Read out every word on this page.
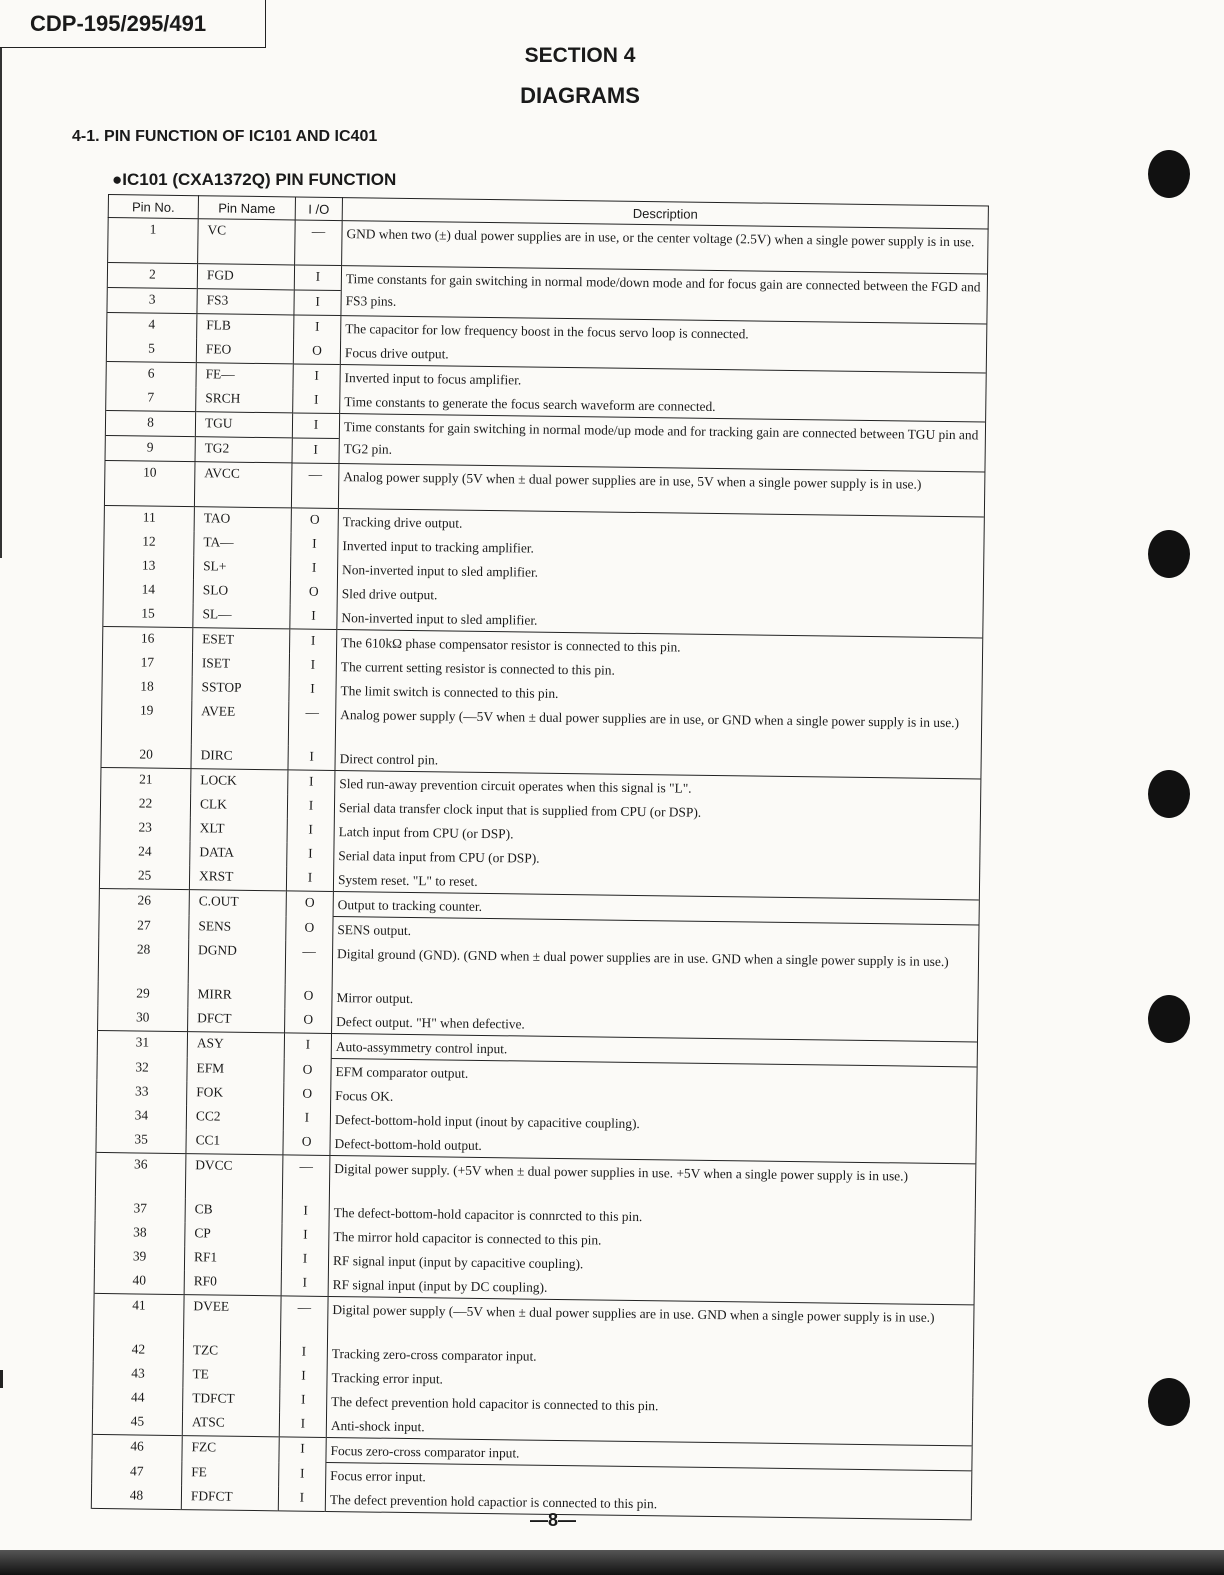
CDP-195/295/491
SECTION 4
DIAGRAMS
4-1. PIN FUNCTION OF IC101 AND IC401
●IC101 (CXA1372Q) PIN FUNCTION
Pin No.	Pin Name	I /O	Description
1	VC	—	GND when two (±) dual power supplies are in use, or the center voltage (2.5V) when a single power supply is in use.

2	FGD	I	Time constants for gain switching in normal mode/down mode and for focus gain are connected between the FGD and FS3 pins.

3	FS3	I	
4	FLB	I	The capacitor for low frequency boost in the focus servo loop is connected.

5	FEO	O	Focus drive output.

6	FE—	I	Inverted input to focus amplifier.

7	SRCH	I	Time constants to generate the focus search waveform are connected.

8	TGU	I	Time constants for gain switching in normal mode/up mode and for tracking gain are connected between TGU pin and TG2 pin.

9	TG2	I	
10	AVCC	—	Analog power supply (5V when ± dual power supplies are in use, 5V when a single power supply is in use.)

11	TAO	O	Tracking drive output.

12	TA—	I	Inverted input to tracking amplifier.

13	SL+	I	Non-inverted input to sled amplifier.

14	SLO	O	Sled drive output.

15	SL—	I	Non-inverted input to sled amplifier.

16	ESET	I	The 610kΩ phase compensator resistor is connected to this pin.

17	ISET	I	The current setting resistor is connected to this pin.

18	SSTOP	I	The limit switch is connected to this pin.

19	AVEE	—	Analog power supply (—5V when ± dual power supplies are in use, or GND when a single power supply is in use.)

20	DIRC	I	Direct control pin.

21	LOCK	I	Sled run-away prevention circuit operates when this signal is "L".

22	CLK	I	Serial data transfer clock input that is supplied from CPU (or DSP).

23	XLT	I	Latch input from CPU (or DSP).

24	DATA	I	Serial data input from CPU (or DSP).

25	XRST	I	System reset. "L" to reset.

26	C.OUT	O	Output to tracking counter.

27	SENS	O	SENS output.

28	DGND	—	Digital ground (GND). (GND when ± dual power supplies are in use. GND when a single power supply is in use.)

29	MIRR	O	Mirror output.

30	DFCT	O	Defect output. "H" when defective.

31	ASY	I	Auto-assymmetry control input.

32	EFM	O	EFM comparator output.

33	FOK	O	Focus OK.

34	CC2	I	Defect-bottom-hold input (inout by capacitive coupling).

35	CC1	O	Defect-bottom-hold output.

36	DVCC	—	Digital power supply. (+5V when ± dual power supplies in use. +5V when a single power supply is in use.)

37	CB	I	The defect-bottom-hold capacitor is connrcted to this pin.

38	CP	I	The mirror hold capacitor is connected to this pin.

39	RF1	I	RF signal input (input by capacitive coupling).

40	RF0	I	RF signal input (input by DC coupling).

41	DVEE	—	Digital power supply (—5V when ± dual power supplies are in use. GND when a single power supply is in use.)

42	TZC	I	Tracking zero-cross comparator input.

43	TE	I	Tracking error input.

44	TDFCT	I	The defect prevention hold capacitor is connected to this pin.

45	ATSC	I	Anti-shock input.

46	FZC	I	Focus zero-cross comparator input.

47	FE	I	Focus error input.

48	FDFCT	I	The defect prevention hold capactior is connected to this pin.
—8—
